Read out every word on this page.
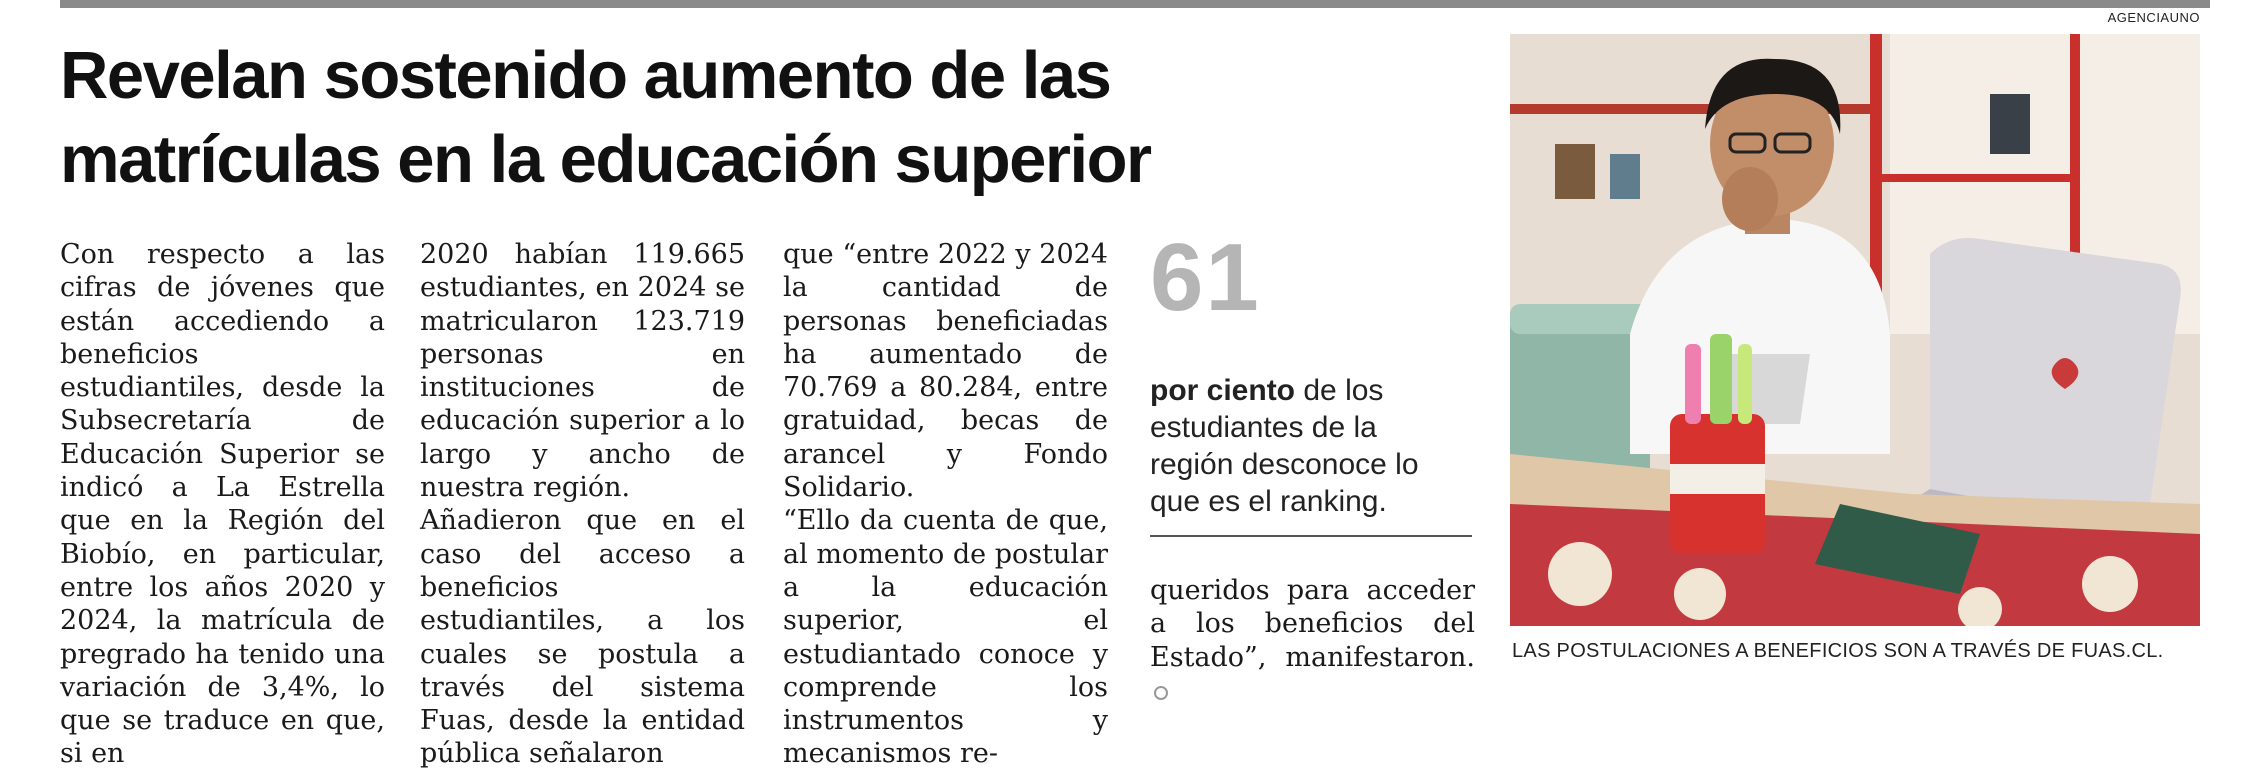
AGENCIAUNO
Revelan sostenido aumento de las
matrículas en la educación superior

Con respecto a las cifras de jóvenes que están accediendo a beneficios estudiantiles, desde la Subsecretaría de Educación Superior se indicó a La Estrella que en la Región del Biobío, en particular, entre los años 2020 y 2024, la matrícula de pregrado ha tenido una variación de 3,4%, lo que se traduce en que, si en

2020 habían 119.665 estudiantes, en 2024 se matricularon 123.719 personas en instituciones de educación superior a lo largo y ancho de nuestra región.

Añadieron que en el caso del acceso a beneficios estudiantiles, a los cuales se postula a través del sistema Fuas, desde la entidad pública señalaron

que “entre 2022 y 2024 la cantidad de personas beneficiadas ha aumentado de 70.769 a 80.284, entre gratuidad, becas de arancel y Fondo Solidario.

“Ello da cuenta de que, al momento de postular a la educación superior, el estudiantado conoce y comprende los instrumentos y mecanismos re-

61
por ciento de los estudiantes de la región desconoce lo que es el ranking.

queridos para acceder a los beneficios del Estado”, manifestaron. LAS POSTULACIONES A BENEFICIOS SON A TRAVÉS DE FUAS.CL.
